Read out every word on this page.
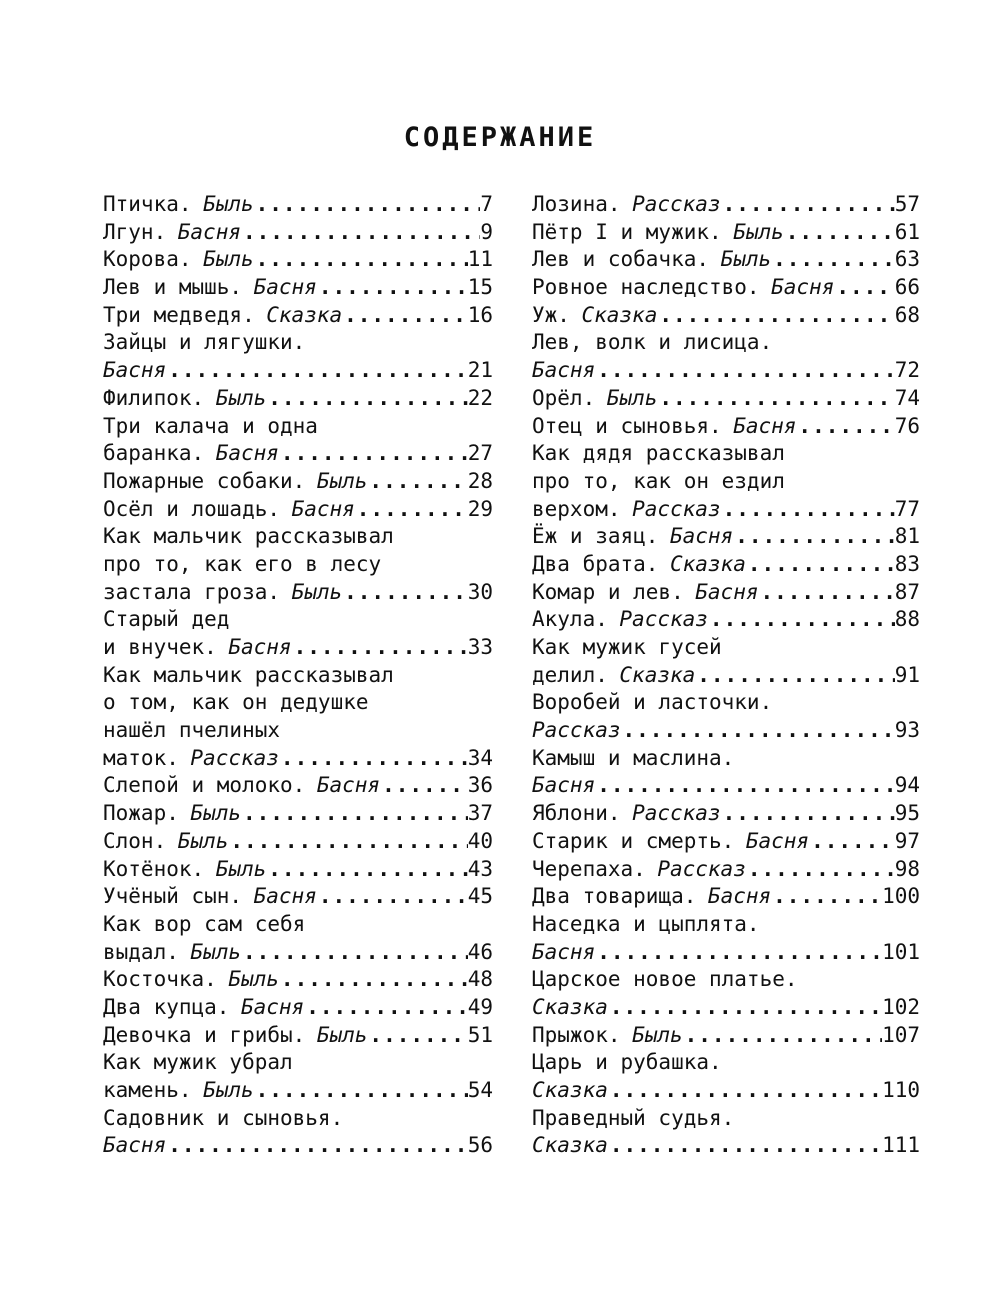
СОДЕРЖАНИЕ
Птичка. Быль .....	7
Лгун. Басня .....	9
Корова. Быль .....	11
Лев и мышь. Басня .....	15
Три медведя. Сказка .....	16
Зайцы и лягушки.
Басня .....	21
Филипок. Быль .....	22
Три калача и одна
баранка. Басня .....	27
Пожарные собаки. Быль .....	28
Осёл и лошадь. Басня .....	29
Как мальчик рассказывал
про то, как его в лесу
застала гроза. Быль .....	30
Старый дед
и внучек. Басня .....	33
Как мальчик рассказывал
о том, как он дедушке
нашёл пчелиных
маток. Рассказ .....	34
Слепой и молоко. Басня .....	36
Пожар. Быль .....	37
Слон. Быль .....	40
Котёнок. Быль .....	43
Учёный сын. Басня .....	45
Как вор сам себя
выдал. Быль .....	46
Косточка. Быль .....	48
Два купца. Басня .....	49
Девочка и грибы. Быль .....	51
Как мужик убрал
камень. Быль .....	54
Садовник и сыновья.
Басня .....	56
Лозина. Рассказ .....	57
Пётр I и мужик. Быль .....	61
Лев и собачка. Быль .....	63
Ровное наследство. Басня .....	66
Уж. Сказка .....	68
Лев, волк и лисица.
Басня .....	72
Орёл. Быль .....	74
Отец и сыновья. Басня .....	76
Как дядя рассказывал
про то, как он ездил
верхом. Рассказ .....	77
Ёж и заяц. Басня .....	81
Два брата. Сказка .....	83
Комар и лев. Басня .....	87
Акула. Рассказ .....	88
Как мужик гусей
делил. Сказка .....	91
Воробей и ласточки.
Рассказ .....	93
Камыш и маслина.
Басня .....	94
Яблони. Рассказ .....	95
Старик и смерть. Басня .....	97
Черепаха. Рассказ .....	98
Два товарища. Басня .....	100
Наседка и цыплята.
Басня .....	101
Царское новое платье.
Сказка .....	102
Прыжок. Быль .....	107
Царь и рубашка.
Сказка .....	110
Праведный судья.
Сказка .....	111
